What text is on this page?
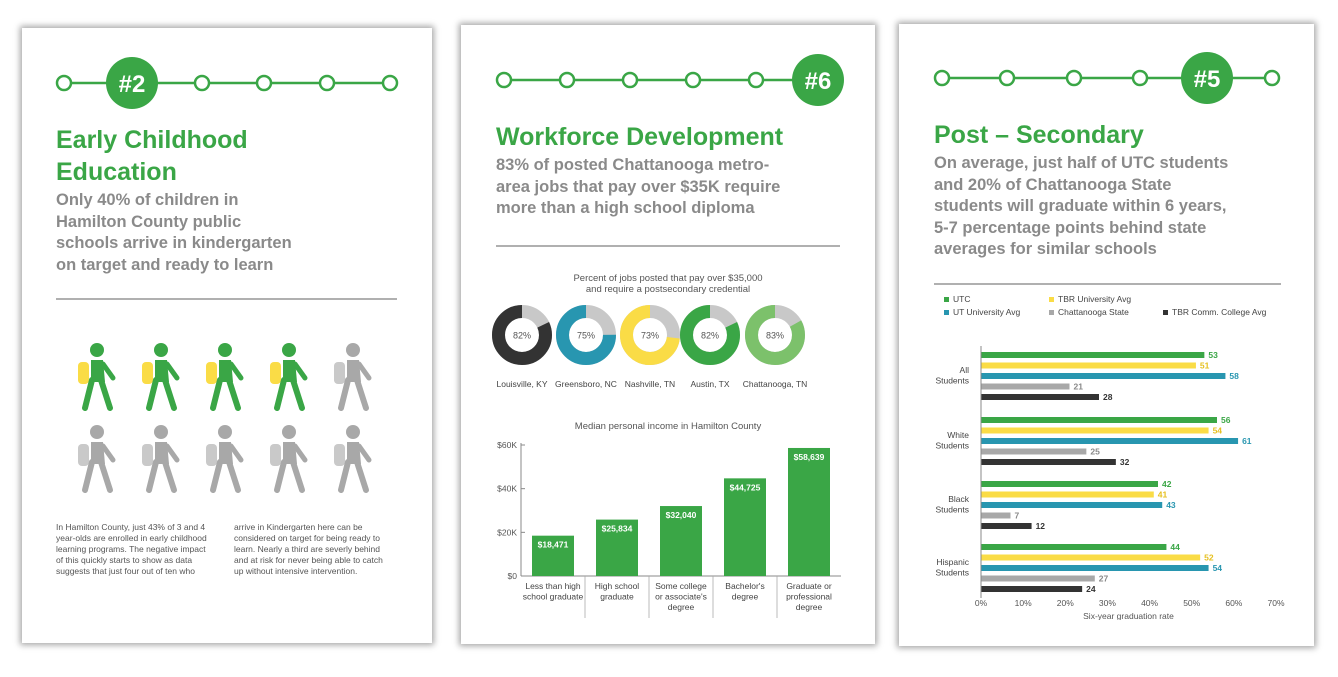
#2
Early Childhood
Education
Only 40% of children in
Hamilton County public
schools arrive in kindergarten
on target and ready to learn
In Hamilton County, just 43% of 3 and 4
year-olds are enrolled in early childhood
learning programs. The negative impact
of this quickly starts to show as data
suggests that just four out of ten who
arrive in Kindergarten here can be
considered on target for being ready to
learn. Nearly a third are severly behind
and at risk for never being able to catch
up without intensive intervention.
#6
Workforce Development
83% of posted Chattanooga metro-
area jobs that pay over $35K require
more than a high school diploma
Percent of jobs posted that pay over $35,000
and require a postsecondary credential
82%
Louisville, KY
75%
Greensboro, NC
73%
Nashville, TN
82%
Austin, TX
83%
Chattanooga, TN
Median personal income in Hamilton County
$0
$20K
$40K
$60K
$18,471
Less than high
school graduate
$25,834
High school
graduate
$32,040
Some college
or associate's
degree
$44,725
Bachelor's
degree
$58,639
Graduate or
professional
degree
#5
Post – Secondary
On average, just half of UTC students
and 20% of Chattanooga State
students will graduate within 6 years,
5-7 percentage points behind state
averages for similar schools
UTC	TBR University Avg
UT University Avg	Chattanooga State	TBR Comm. College Avg
53
51
58
21
28
All
Students
56
54
61
25
32
White
Students
42
41
43
7
12
Black
Students
44
52
54
27
24
Hispanic
Students
0%	10%	20%	30%	40%	50%	60%	70%
Six-year graduation rate
